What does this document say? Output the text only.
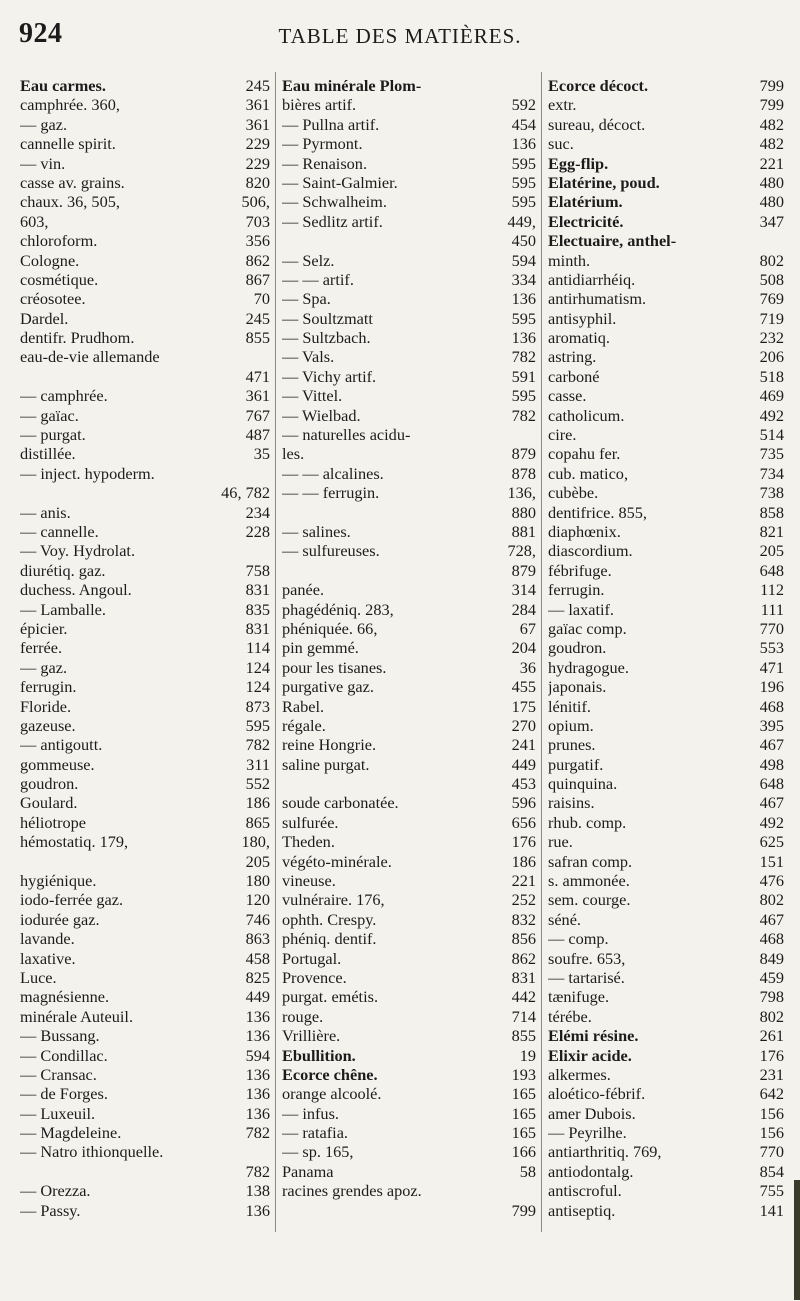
924	TABLE DES MATIÈRES.
Eau carmes.	245
camphrée. 360,	361
— gaz.	361
cannelle spirit.	229
— vin.	229
casse av. grains.	820
chaux. 36, 505,	506,
603,	703
chloroform.	356
Cologne.	862
cosmétique.	867
créosotee.	70
Dardel.	245
dentifr. Prudhom.	855
eau-de-vie allemande
471
— camphrée.	361
— gaïac.	767
— purgat.	487
distillée.	35
— inject. hypoderm.
46, 782
— anis.	234
— cannelle.	228
— Voy. Hydrolat.
diurétiq. gaz.	758
duchess. Angoul.	831
— Lamballe.	835
épicier.	831
ferrée.	114
— gaz.	124
ferrugin.	124
Floride.	873
gazeuse.	595
— antigoutt.	782
gommeuse.	311
goudron.	552
Goulard.	186
héliotrope	865
hémostatiq. 179,	180,
205
hygiénique.	180
iodo-ferrée gaz.	120
iodurée gaz.	746
lavande.	863
laxative.	458
Luce.	825
magnésienne.	449
minérale Auteuil.	136
— Bussang.	136
— Condillac.	594
— Cransac.	136
— de Forges.	136
— Luxeuil.	136
— Magdeleine.	782
— Natro ithionquelle.
782
— Orezza.	138
— Passy.	136
Eau minérale Plom-
bières artif.	592
— Pullna artif.	454
— Pyrmont.	136
— Renaison.	595
— Saint-Galmier.	595
— Schwalheim.	595
— Sedlitz artif.	449,
450
— Selz.	594
— — artif.	334
— Spa.	136
— Soultzmatt	595
— Sultzbach.	136
— Vals.	782
— Vichy artif.	591
— Vittel.	595
— Wielbad.	782
— naturelles acidu-
les.	879
— — alcalines.	878
— — ferrugin.	136,
880
— salines.	881
— sulfureuses.	728,
879
panée.	314
phagédéniq. 283,	284
phéniquée. 66,	67
pin gemmé.	204
pour les tisanes.	36
purgative gaz.	455
Rabel.	175
régale.	270
reine Hongrie.	241
saline purgat.	449
453
soude carbonatée.	596
sulfurée.	656
Theden.	176
végéto-minérale.	186
vineuse.	221
vulnéraire. 176,	252
ophth. Crespy.	832
phéniq. dentif.	856
Portugal.	862
Provence.	831
purgat. emétis.	442
rouge.	714
Vrillière.	855
Ebullition.	19
Ecorce chêne.	193
orange alcoolé.	165
— infus.	165
— ratafia.	165
— sp. 165,	166
Panama	58
racines grendes apoz.
799
Ecorce décoct.	799
extr.	799
sureau, décoct.	482
suc.	482
Egg-flip.	221
Elatérine, poud.	480
Elatérium.	480
Electricité.	347
Electuaire, anthel-
minth.	802
antidiarrhéiq.	508
antirhumatism.	769
antisyphil.	719
aromatiq.	232
astring.	206
carboné	518
casse.	469
catholicum.	492
cire.	514
copahu fer.	735
cub. matico,	734
cubèbe.	738
dentifrice. 855,	858
diaphœnix.	821
diascordium.	205
fébrifuge.	648
ferrugin.	112
— laxatif.	111
gaïac comp.	770
goudron.	553
hydragogue.	471
japonais.	196
lénitif.	468
opium.	395
prunes.	467
purgatif.	498
quinquina.	648
raisins.	467
rhub. comp.	492
rue.	625
safran comp.	151
s. ammonée.	476
sem. courge.	802
séné.	467
— comp.	468
soufre. 653,	849
— tartarisé.	459
tænifuge.	798
térébe.	802
Elémi résine.	261
Elixir acide.	176
alkermes.	231
aloético-fébrif.	642
amer Dubois.	156
— Peyrilhe.	156
antiarthritiq. 769,	770
antiodontalg.	854
antiscroful.	755
antiseptiq.	141
